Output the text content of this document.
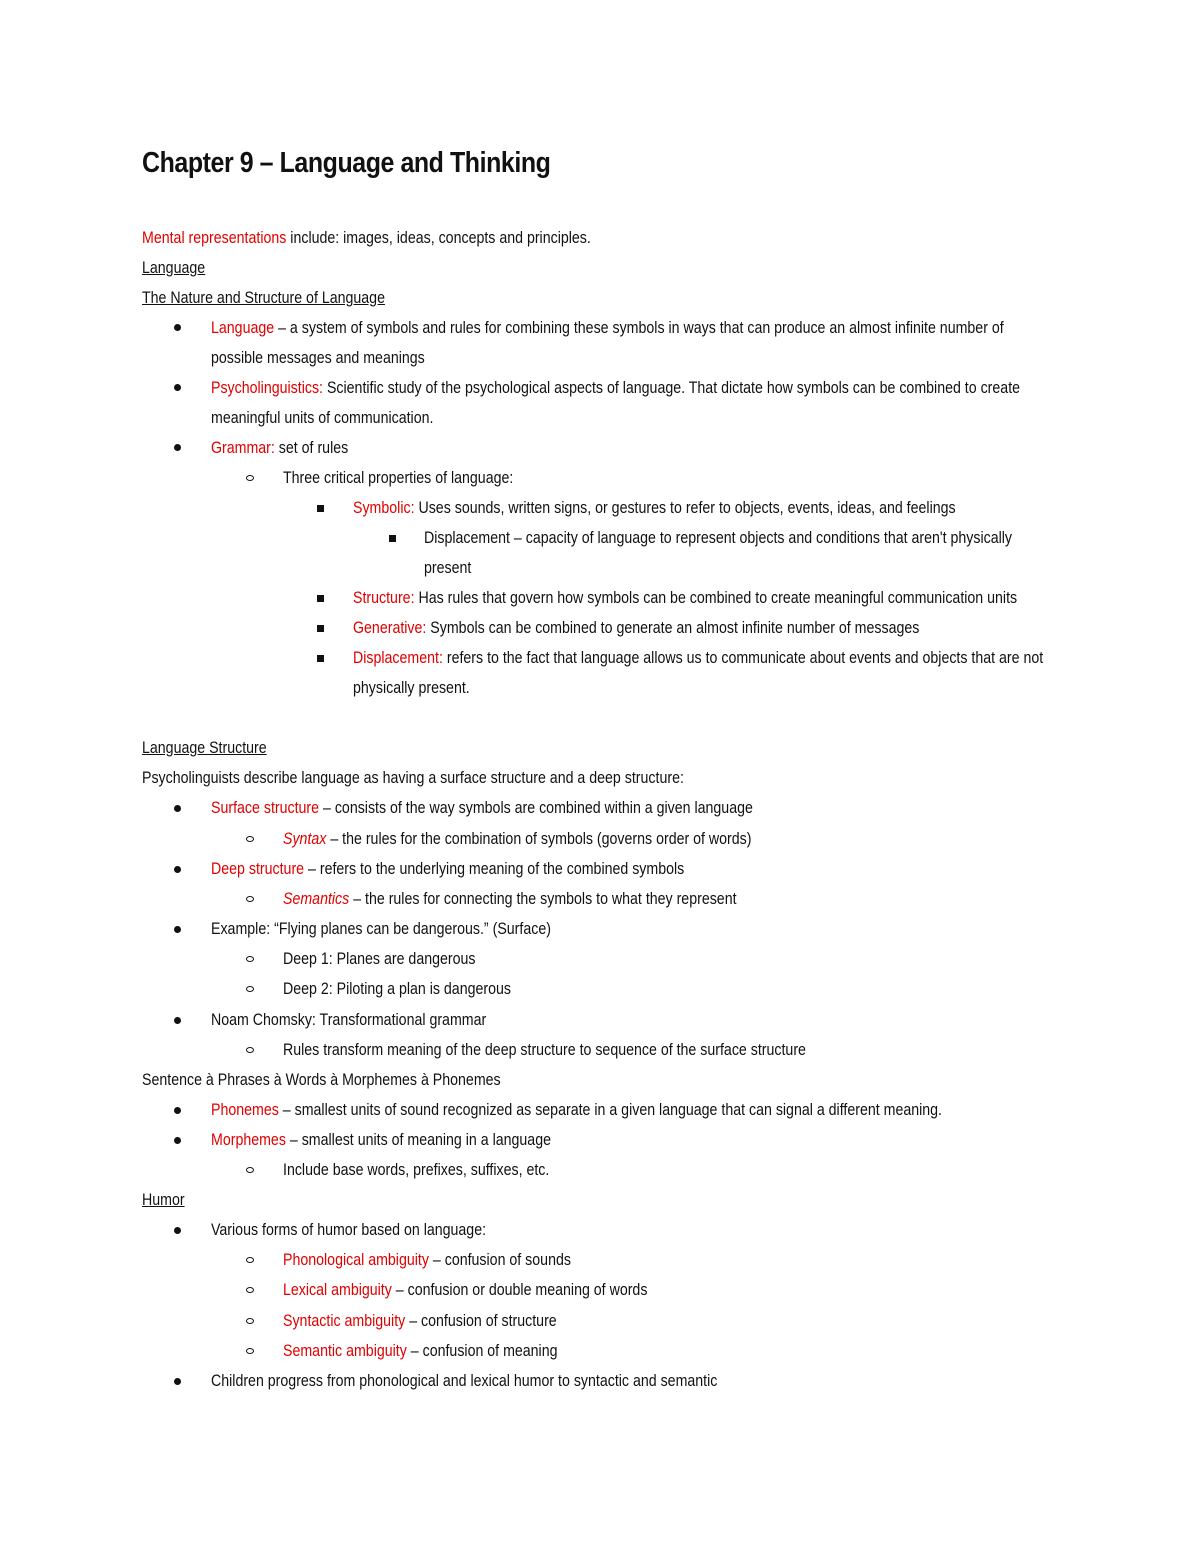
Chapter 9 – Language and Thinking
Mental representations include: images, ideas, concepts and principles.
Language
The Nature and Structure of Language
Language – a system of symbols and rules for combining these symbols in ways that can produce an almost infinite number of
possible messages and meanings
Psycholinguistics: Scientific study of the psychological aspects of language. That dictate how symbols can be combined to create
meaningful units of communication.
Grammar: set of rules
Three critical properties of language:
Symbolic: Uses sounds, written signs, or gestures to refer to objects, events, ideas, and feelings
Displacement – capacity of language to represent objects and conditions that aren't physically
present
Structure: Has rules that govern how symbols can be combined to create meaningful communication units
Generative: Symbols can be combined to generate an almost infinite number of messages
Displacement: refers to the fact that language allows us to communicate about events and objects that are not
physically present.
Language Structure
Psycholinguists describe language as having a surface structure and a deep structure:
Surface structure – consists of the way symbols are combined within a given language
Syntax – the rules for the combination of symbols (governs order of words)
Deep structure – refers to the underlying meaning of the combined symbols
Semantics – the rules for connecting the symbols to what they represent
Example: “Flying planes can be dangerous.” (Surface)
Deep 1: Planes are dangerous
Deep 2: Piloting a plan is dangerous
Noam Chomsky: Transformational grammar
Rules transform meaning of the deep structure to sequence of the surface structure
Sentence à Phrases à Words à Morphemes à Phonemes
Phonemes – smallest units of sound recognized as separate in a given language that can signal a different meaning.
Morphemes – smallest units of meaning in a language
Include base words, prefixes, suffixes, etc.
Humor
Various forms of humor based on language:
Phonological ambiguity – confusion of sounds
Lexical ambiguity – confusion or double meaning of words
Syntactic ambiguity – confusion of structure
Semantic ambiguity – confusion of meaning
Children progress from phonological and lexical humor to syntactic and semantic
